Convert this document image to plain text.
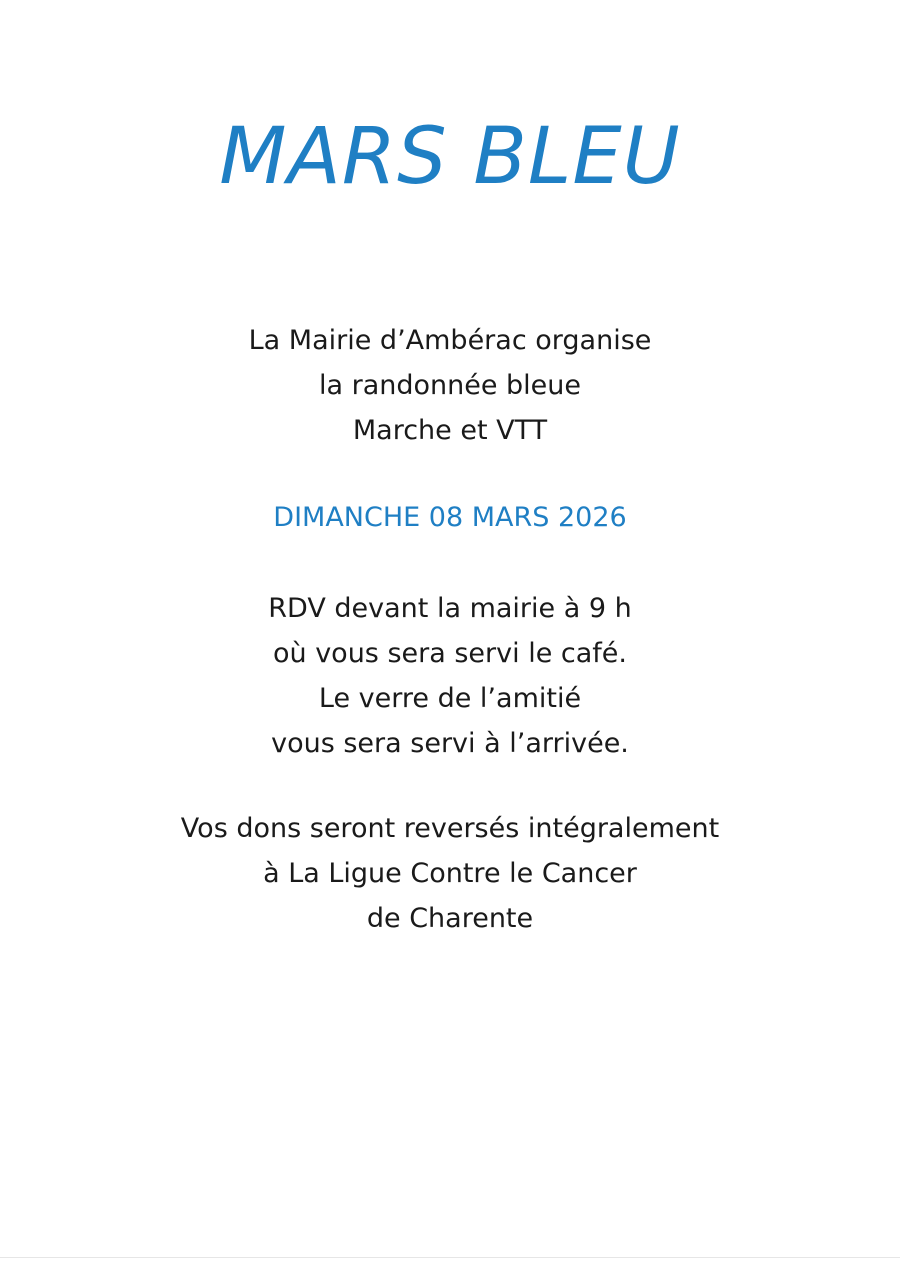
MARS BLEU

La Mairie d’Ambérac organise

la randonnée bleue

Marche et VTT

DIMANCHE 08 MARS 2026

RDV devant la mairie à 9 h

où vous sera servi le café.

Le verre de l’amitié

vous sera servi à l’arrivée.

Vos dons seront reversés intégralement

à La Ligue Contre le Cancer

de Charente
